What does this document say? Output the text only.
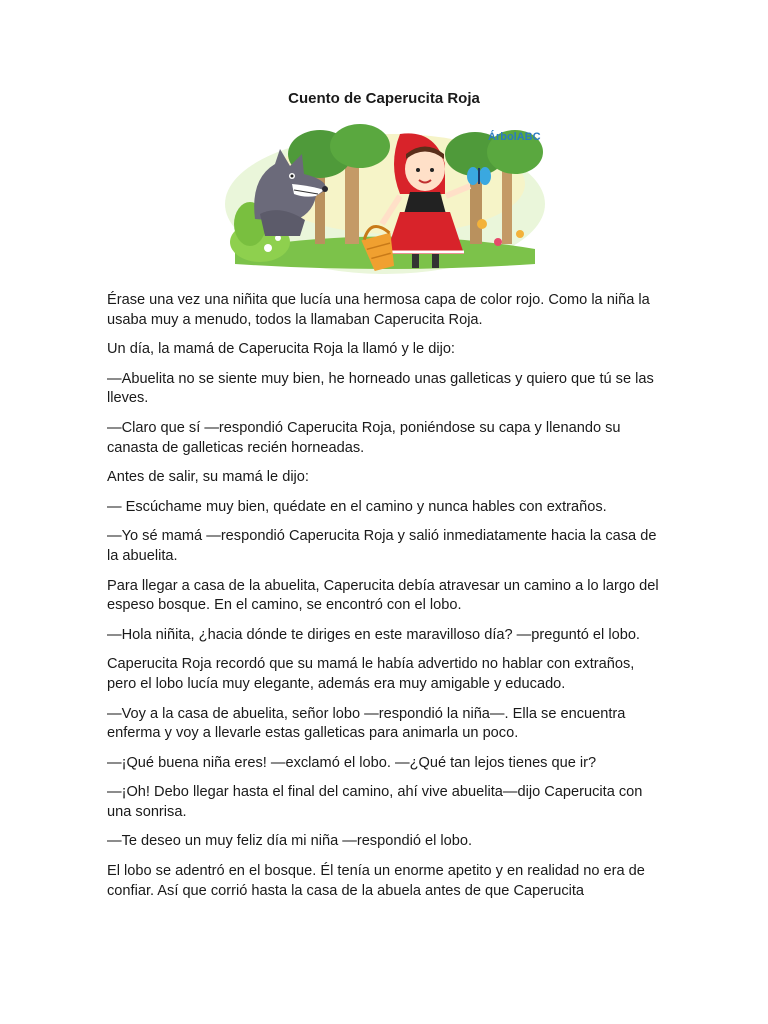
Cuento de Caperucita Roja
ÁrbolABC

Érase una vez una niñita que lucía una hermosa capa de color rojo. Como la niña la usaba muy a menudo, todos la llamaban Caperucita Roja.

Un día, la mamá de Caperucita Roja la llamó y le dijo:

—Abuelita no se siente muy bien, he horneado unas galleticas y quiero que tú se las lleves.

—Claro que sí —respondió Caperucita Roja, poniéndose su capa y llenando su canasta de galleticas recién horneadas.

Antes de salir, su mamá le dijo:

— Escúchame muy bien, quédate en el camino y nunca hables con extraños.

—Yo sé mamá —respondió Caperucita Roja y salió inmediatamente hacia la casa de la abuelita.

Para llegar a casa de la abuelita, Caperucita debía atravesar un camino a lo largo del espeso bosque. En el camino, se encontró con el lobo.

—Hola niñita, ¿hacia dónde te diriges en este maravilloso día? —preguntó el lobo.

Caperucita Roja recordó que su mamá le había advertido no hablar con extraños, pero el lobo lucía muy elegante, además era muy amigable y educado.

—Voy a la casa de abuelita, señor lobo —respondió la niña—. Ella se encuentra enferma y voy a llevarle estas galleticas para animarla un poco.

—¡Qué buena niña eres! —exclamó el lobo. —¿Qué tan lejos tienes que ir?

—¡Oh! Debo llegar hasta el final del camino, ahí vive abuelita—dijo Caperucita con una sonrisa.

—Te deseo un muy feliz día mi niña —respondió el lobo.

El lobo se adentró en el bosque. Él tenía un enorme apetito y en realidad no era de confiar. Así que corrió hasta la casa de la abuela antes de que Caperucita
